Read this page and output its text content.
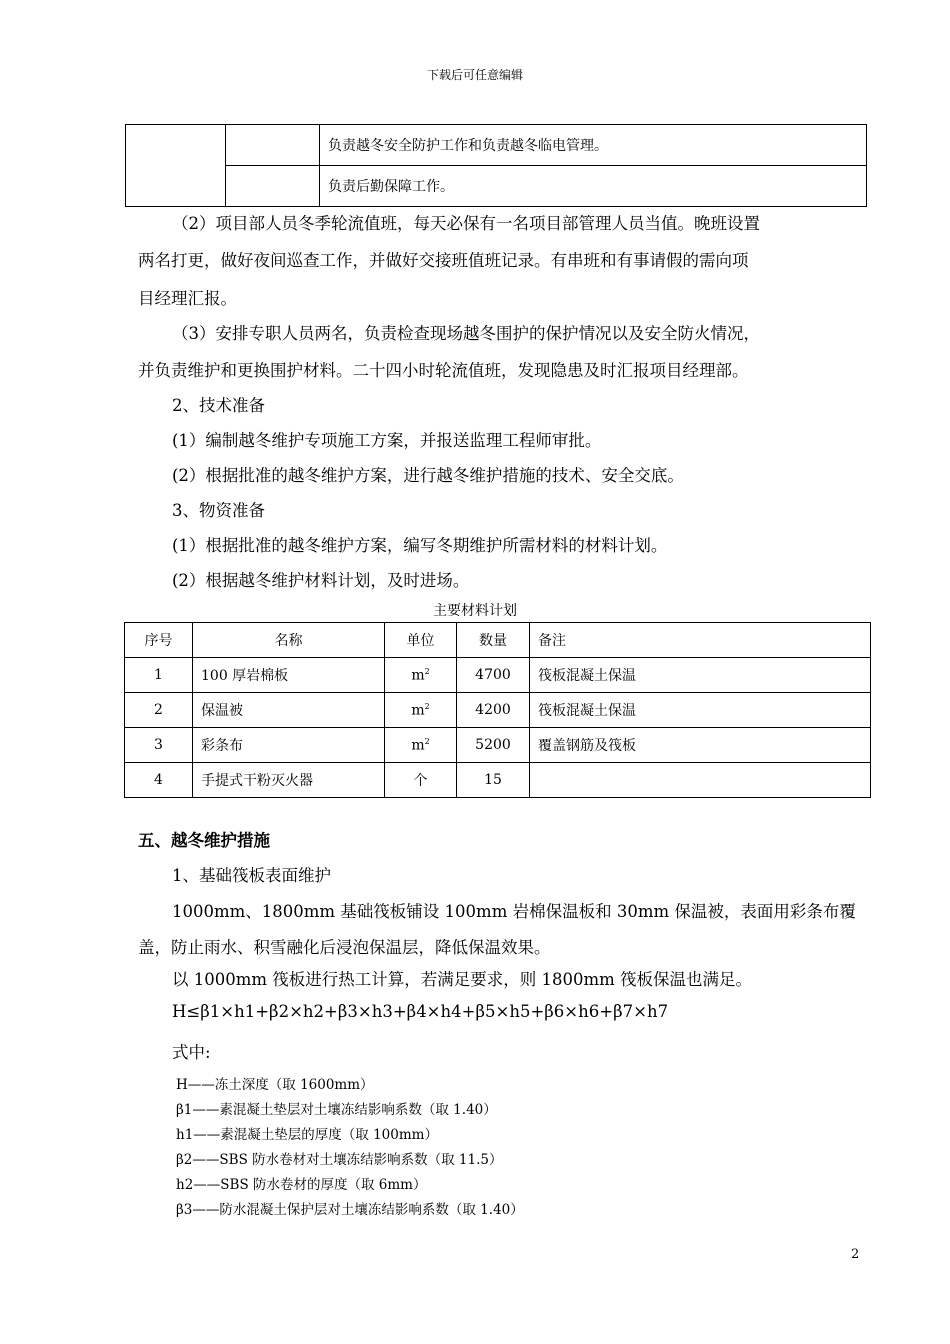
下载后可任意编辑
		负责越冬安全防护工作和负责越冬临电管理。
		负责后勤保障工作。
（2）项目部人员冬季轮流值班，每天必保有一名项目部管理人员当值。晚班设置
两名打更，做好夜间巡查工作，并做好交接班值班记录。有串班和有事请假的需向项
目经理汇报。
（3）安排专职人员两名，负责检查现场越冬围护的保护情况以及安全防火情况，
并负责维护和更换围护材料。二十四小时轮流值班，发现隐患及时汇报项目经理部。
2、技术准备
(1）编制越冬维护专项施工方案，并报送监理工程师审批。
(2）根据批准的越冬维护方案，进行越冬维护措施的技术、安全交底。
3、物资准备
(1）根据批准的越冬维护方案，编写冬期维护所需材料的材料计划。
(2）根据越冬维护材料计划，及时进场。
主要材料计划
序号	名称	单位	数量	备注
1	100 厚岩棉板	$m^2$	4700	筏板混凝土保温
2	保温被	$m^2$	4200	筏板混凝土保温
3	彩条布	$m^2$	5200	覆盖钢筋及筏板
4	手提式干粉灭火器	个	15	
五、越冬维护措施
1、基础筏板表面维护
1000mm、1800mm 基础筏板铺设 100mm 岩棉保温板和 30mm 保温被，表面用彩条布覆
盖，防止雨水、积雪融化后浸泡保温层，降低保温效果。
以 1000mm 筏板进行热工计算，若满足要求，则 1800mm 筏板保温也满足。
H≤β1×h1+β2×h2+β3×h3+β4×h4+β5×h5+β6×h6+β7×h7
式中:
H——冻土深度（取 1600mm）
β1——素混凝土垫层对土壤冻结影响系数（取 1.40）
h1——素混凝土垫层的厚度（取 100mm）
β2——SBS 防水卷材对土壤冻结影响系数（取 11.5）
h2——SBS 防水卷材的厚度（取 6mm）
β3——防水混凝土保护层对土壤冻结影响系数（取 1.40）
2
